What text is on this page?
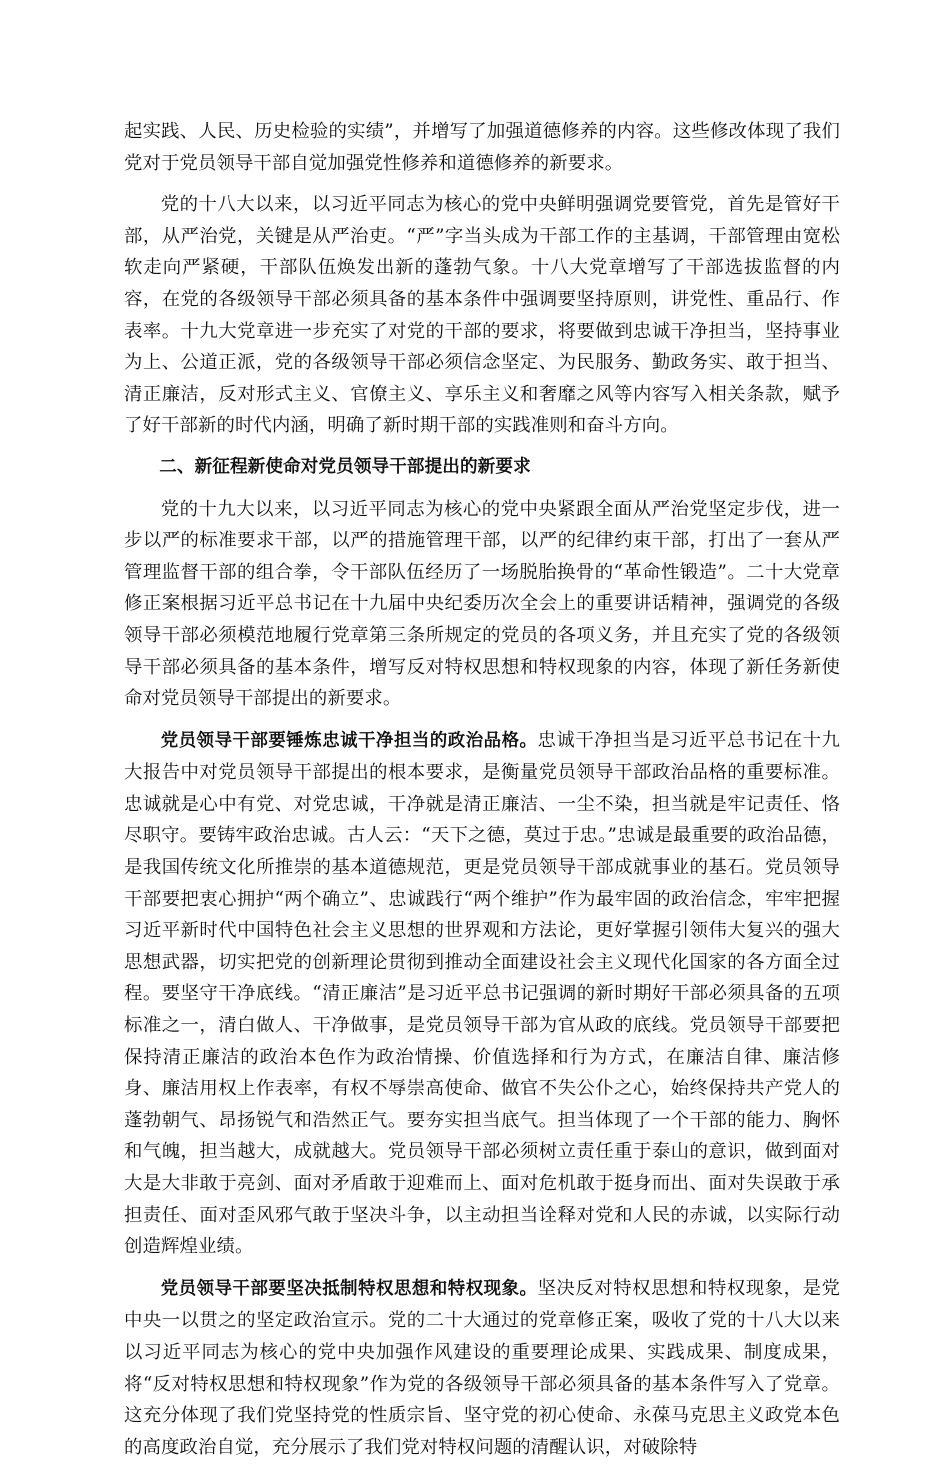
起实践、人民、历史检验的实绩”，并增写了加强道德修养的内容。这些修改体现了我们党对于党员领导干部自觉加强党性修养和道德修养的新要求。

党的十八大以来，以习近平同志为核心的党中央鲜明强调党要管党，首先是管好干部，从严治党，关键是从严治吏。“严”字当头成为干部工作的主基调，干部管理由宽松软走向严紧硬，干部队伍焕发出新的蓬勃气象。十八大党章增写了干部选拔监督的内容，在党的各级领导干部必须具备的基本条件中强调要坚持原则，讲党性、重品行、作表率。十九大党章进一步充实了对党的干部的要求，将要做到忠诚干净担当，坚持事业为上、公道正派，党的各级领导干部必须信念坚定、为民服务、勤政务实、敢于担当、清正廉洁，反对形式主义、官僚主义、享乐主义和奢靡之风等内容写入相关条款，赋予了好干部新的时代内涵，明确了新时期干部的实践准则和奋斗方向。

二、新征程新使命对党员领导干部提出的新要求

党的十九大以来，以习近平同志为核心的党中央紧跟全面从严治党坚定步伐，进一步以严的标准要求干部，以严的措施管理干部，以严的纪律约束干部，打出了一套从严管理监督干部的组合拳，令干部队伍经历了一场脱胎换骨的“革命性锻造”。二十大党章修正案根据习近平总书记在十九届中央纪委历次全会上的重要讲话精神，强调党的各级领导干部必须模范地履行党章第三条所规定的党员的各项义务，并且充实了党的各级领导干部必须具备的基本条件，增写反对特权思想和特权现象的内容，体现了新任务新使命对党员领导干部提出的新要求。

党员领导干部要锤炼忠诚干净担当的政治品格。忠诚干净担当是习近平总书记在十九大报告中对党员领导干部提出的根本要求，是衡量党员领导干部政治品格的重要标准。忠诚就是心中有党、对党忠诚，干净就是清正廉洁、一尘不染，担当就是牢记责任、恪尽职守。要铸牢政治忠诚。古人云：“天下之德，莫过于忠。”忠诚是最重要的政治品德，是我国传统文化所推崇的基本道德规范，更是党员领导干部成就事业的基石。党员领导干部要把衷心拥护“两个确立”、忠诚践行“两个维护”作为最牢固的政治信念，牢牢把握习近平新时代中国特色社会主义思想的世界观和方法论，更好掌握引领伟大复兴的强大思想武器，切实把党的创新理论贯彻到推动全面建设社会主义现代化国家的各方面全过程。要坚守干净底线。“清正廉洁”是习近平总书记强调的新时期好干部必须具备的五项标准之一，清白做人、干净做事，是党员领导干部为官从政的底线。党员领导干部要把保持清正廉洁的政治本色作为政治情操、价值选择和行为方式，在廉洁自律、廉洁修身、廉洁用权上作表率，有权不辱崇高使命、做官不失公仆之心，始终保持共产党人的蓬勃朝气、昂扬锐气和浩然正气。要夯实担当底气。担当体现了一个干部的能力、胸怀和气魄，担当越大，成就越大。党员领导干部必须树立责任重于泰山的意识，做到面对大是大非敢于亮剑、面对矛盾敢于迎难而上、面对危机敢于挺身而出、面对失误敢于承担责任、面对歪风邪气敢于坚决斗争，以主动担当诠释对党和人民的赤诚，以实际行动创造辉煌业绩。

党员领导干部要坚决抵制特权思想和特权现象。坚决反对特权思想和特权现象，是党中央一以贯之的坚定政治宣示。党的二十大通过的党章修正案，吸收了党的十八大以来以习近平同志为核心的党中央加强作风建设的重要理论成果、实践成果、制度成果，将“反对特权思想和特权现象”作为党的各级领导干部必须具备的基本条件写入了党章。这充分体现了我们党坚持党的性质宗旨、坚守党的初心使命、永葆马克思主义政党本色的高度政治自觉，充分展示了我们党对特权问题的清醒认识，对破除特
